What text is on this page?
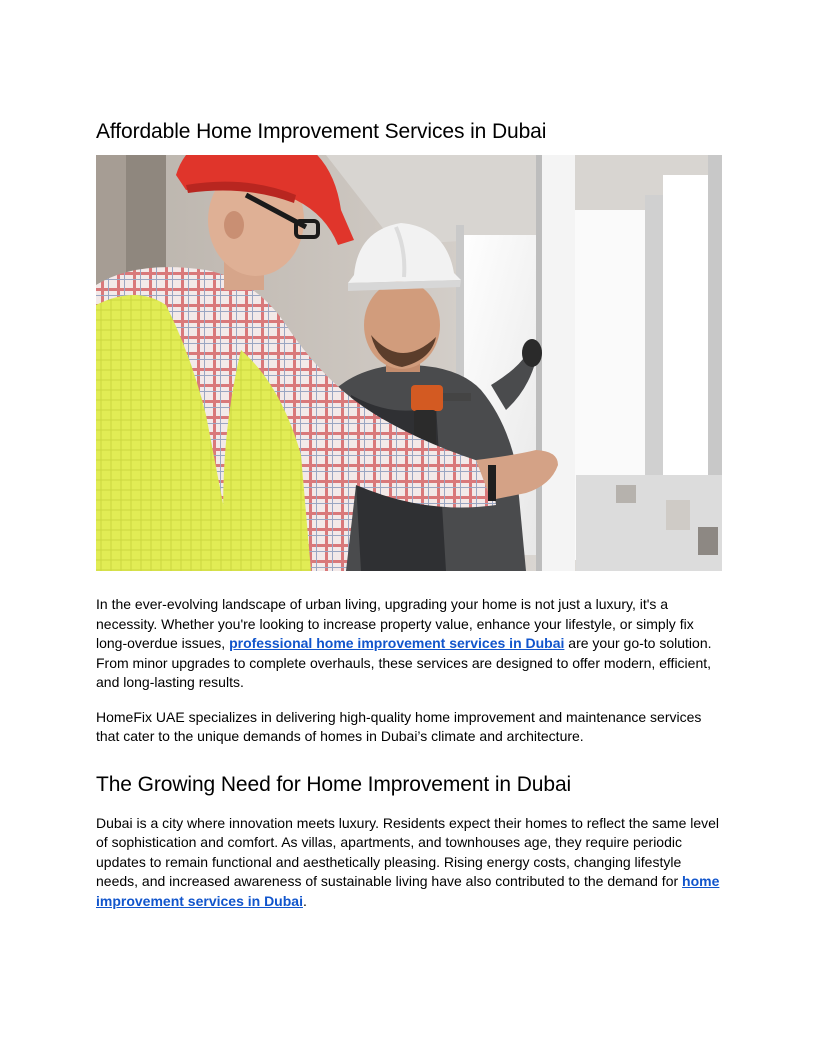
Affordable Home Improvement Services in Dubai

In the ever-evolving landscape of urban living, upgrading your home is not just a luxury, it's a necessity. Whether you're looking to increase property value, enhance your lifestyle, or simply fix long-overdue issues, professional home improvement services in Dubai are your go-to solution. From minor upgrades to complete overhauls, these services are designed to offer modern, efficient, and long-lasting results.

HomeFix UAE specializes in delivering high-quality home improvement and maintenance services that cater to the unique demands of homes in Dubai’s climate and architecture.

The Growing Need for Home Improvement in Dubai

Dubai is a city where innovation meets luxury. Residents expect their homes to reflect the same level of sophistication and comfort. As villas, apartments, and townhouses age, they require periodic updates to remain functional and aesthetically pleasing. Rising energy costs, changing lifestyle needs, and increased awareness of sustainable living have also contributed to the demand for home improvement services in Dubai.
